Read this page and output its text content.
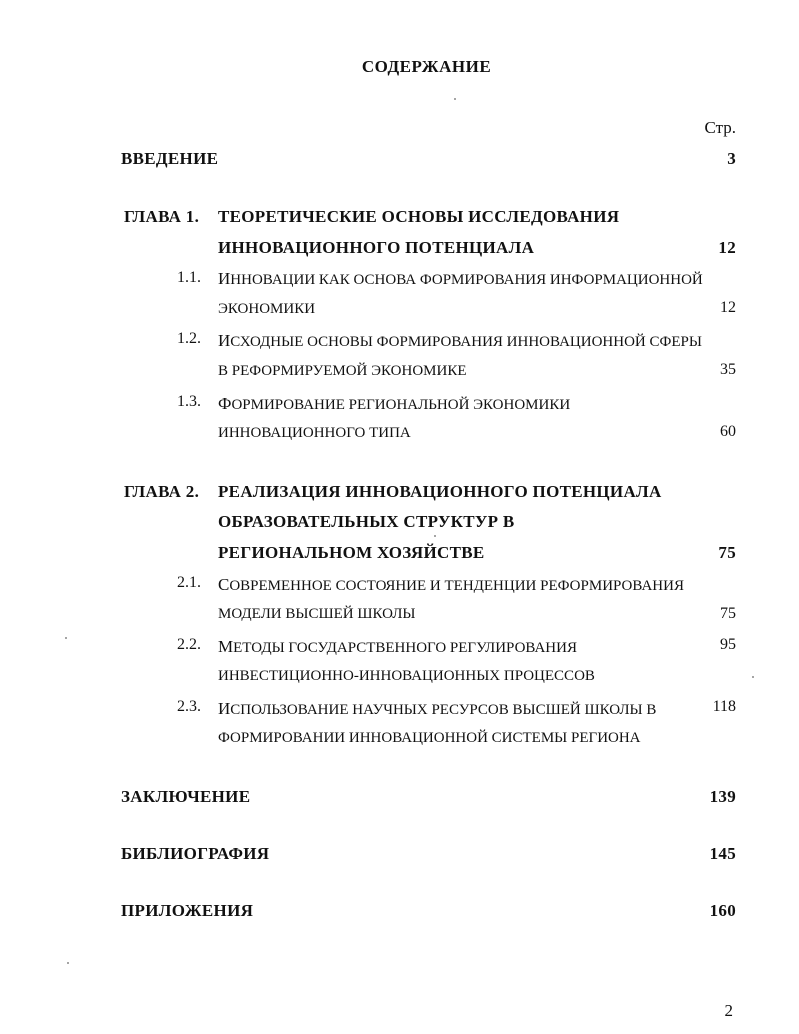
СОДЕРЖАНИЕ
Стр.
ВВЕДЕНИЕ	3
ГЛАВА 1. ТЕОРЕТИЧЕСКИЕ ОСНОВЫ ИССЛЕДОВАНИЯ
ИННОВАЦИОННОГО ПОТЕНЦИАЛА	12
1.1. ИННОВАЦИИ КАК ОСНОВА ФОРМИРОВАНИЯ ИНФОРМАЦИОННОЙ
ЭКОНОМИКИ	12
1.2. ИСХОДНЫЕ ОСНОВЫ ФОРМИРОВАНИЯ ИННОВАЦИОННОЙ СФЕРЫ
В РЕФОРМИРУЕМОЙ ЭКОНОМИКЕ	35
1.3. ФОРМИРОВАНИЕ РЕГИОНАЛЬНОЙ ЭКОНОМИКИ
ИННОВАЦИОННОГО ТИПА	60
ГЛАВА 2. РЕАЛИЗАЦИЯ ИННОВАЦИОННОГО ПОТЕНЦИАЛА
ОБРАЗОВАТЕЛЬНЫХ СТРУКТУР В
РЕГИОНАЛЬНОМ ХОЗЯЙСТВЕ	75
2.1. СОВРЕМЕННОЕ СОСТОЯНИЕ И ТЕНДЕНЦИИ РЕФОРМИРОВАНИЯ
МОДЕЛИ ВЫСШЕЙ ШКОЛЫ	75
2.2. МЕТОДЫ ГОСУДАРСТВЕННОГО РЕГУЛИРОВАНИЯ	95
ИНВЕСТИЦИОННО-ИННОВАЦИОННЫХ ПРОЦЕССОВ
2.3. ИСПОЛЬЗОВАНИЕ НАУЧНЫХ РЕСУРСОВ ВЫСШЕЙ ШКОЛЫ В	118
ФОРМИРОВАНИИ ИННОВАЦИОННОЙ СИСТЕМЫ РЕГИОНА
ЗАКЛЮЧЕНИЕ	139
БИБЛИОГРАФИЯ	145
ПРИЛОЖЕНИЯ	160
2
